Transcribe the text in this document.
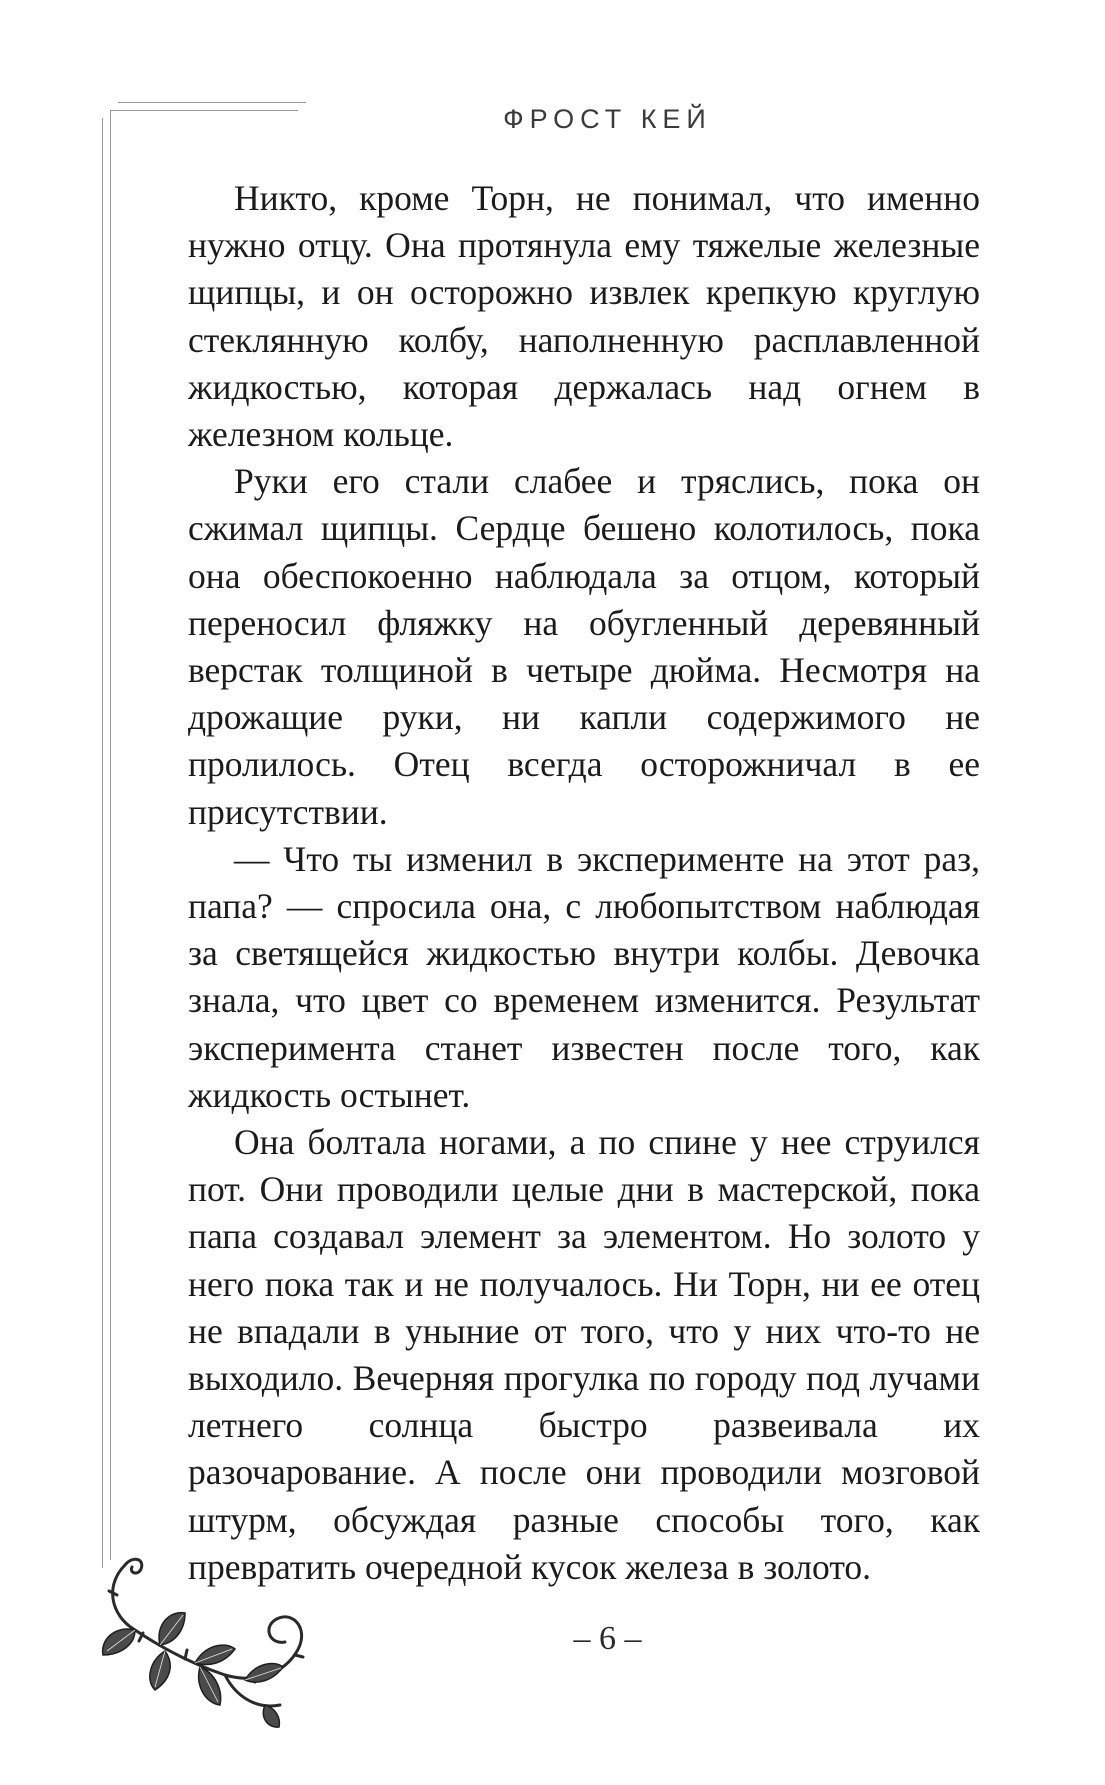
ФРОСТ КЕЙ

Никто, кроме Торн, не понимал, что именно нужно отцу. Она протянула ему тяжелые железные щипцы, и он осторожно извлек крепкую круглую стеклянную колбу, наполненную расплавленной жидкостью, которая держалась над огнем в железном кольце.

Руки его стали слабее и тряслись, пока он сжимал щипцы. Сердце бешено колотилось, пока она обеспокоенно наблюдала за отцом, который переносил фляжку на обугленный деревянный верстак толщиной в четыре дюйма. Несмотря на дрожащие руки, ни капли содержимого не пролилось. Отец всегда осторожничал в ее присутствии.

— Что ты изменил в эксперименте на этот раз, папа? — спросила она, с любопытством наблюдая за светящейся жидкостью внутри колбы. Девочка знала, что цвет со временем изменится. Результат эксперимента станет известен после того, как жидкость остынет.

Она болтала ногами, а по спине у нее струился пот. Они проводили целые дни в мастерской, пока папа создавал элемент за элементом. Но золото у него пока так и не получалось. Ни Торн, ни ее отец не впадали в уныние от того, что у них что-то не выходило. Вечерняя прогулка по городу под лучами летнего солнца быстро развеивала их разочарование. А после они проводили мозговой штурм, обсуждая разные способы того, как превратить очередной кусок железа в золото.

– 6 –
